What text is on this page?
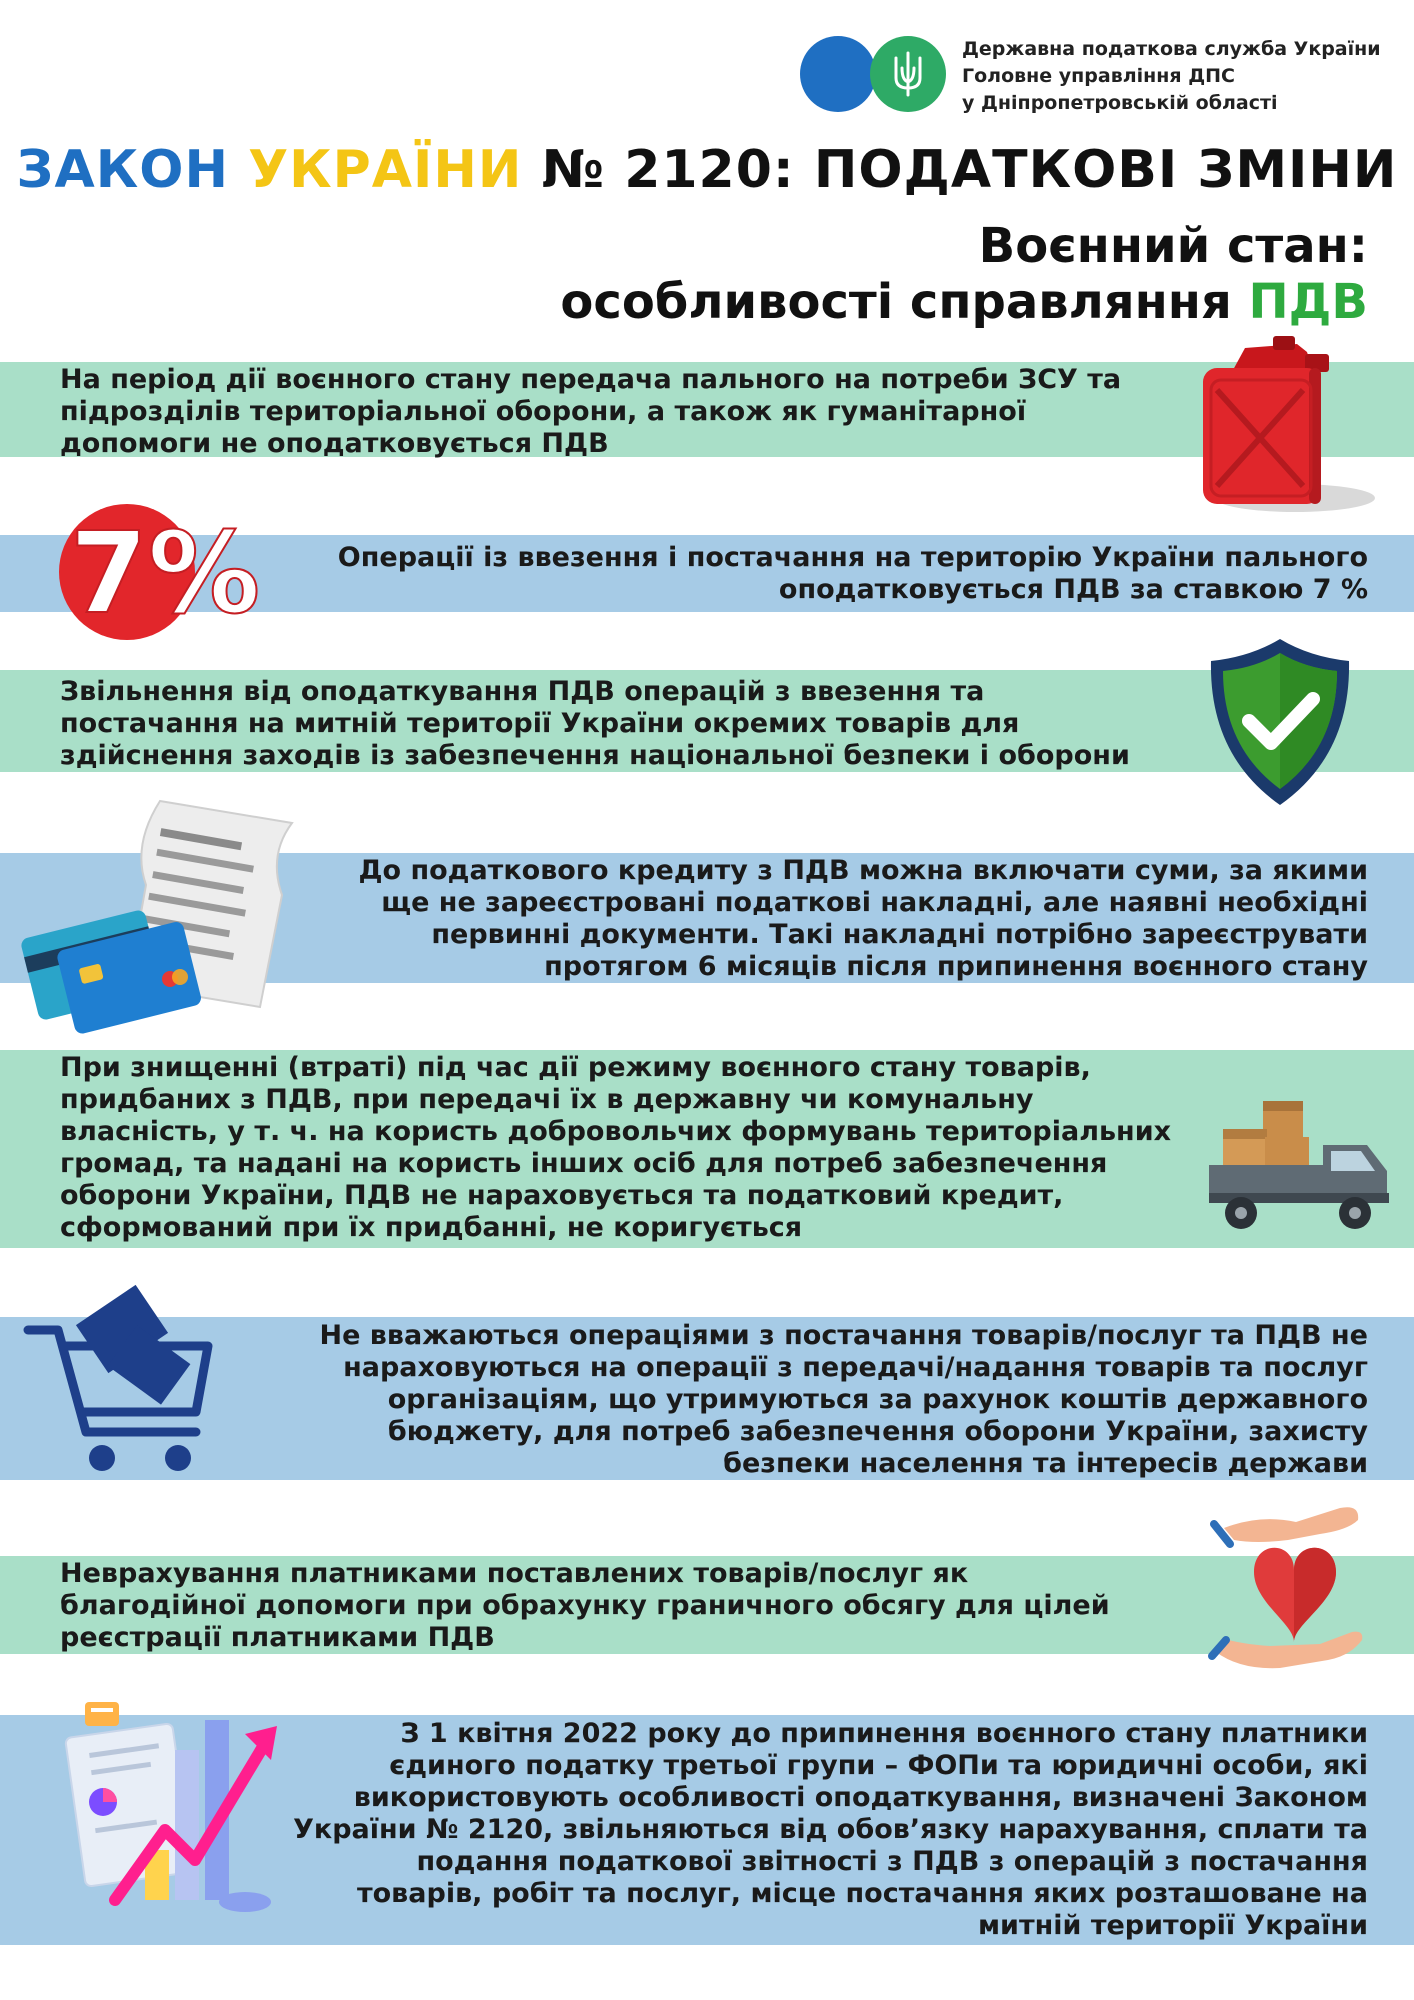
Державна податкова служба України
Головне управління ДПС
у Дніпропетровській області
ЗАКОН УКРАЇНИ № 2120: ПОДАТКОВІ ЗМІНИ
Воєнний стан:
особливості справляння ПДВ
На період дії воєнного стану передача пального на потреби ЗСУ та
підрозділів територіальної оборони, а також як гуманітарної
допомоги не оподатковується ПДВ
Операції із ввезення і постачання на територію України пального
оподатковується ПДВ за ставкою 7 %
Звільнення від оподаткування ПДВ операцій з ввезення та
постачання на митній території України окремих товарів для
здійснення заходів із забезпечення національної безпеки і оборони
До податкового кредиту з ПДВ можна включати суми, за якими
ще не зареєстровані податкові накладні, але наявні необхідні
первинні документи. Такі накладні потрібно зареєструвати
протягом 6 місяців після припинення воєнного стану
При знищенні (втраті) під час дії режиму воєнного стану товарів,
придбаних з ПДВ, при передачі їх в державну чи комунальну
власність, у т. ч. на користь добровольчих формувань територіальних
громад, та надані на користь інших осіб для потреб забезпечення
оборони України, ПДВ не нараховується та податковий кредит,
сформований при їх придбанні, не коригується
Не вважаються операціями з постачання товарів/послуг та ПДВ не
нараховуються на операції з передачі/надання товарів та послуг
організаціям, що утримуються за рахунок коштів державного
бюджету, для потреб забезпечення оборони України, захисту
безпеки населення та інтересів держави
Неврахування платниками поставлених товарів/послуг як
благодійної допомоги при обрахунку граничного обсягу для цілей
реєстрації платниками ПДВ
З 1 квітня 2022 року до припинення воєнного стану платники
єдиного податку третьої групи – ФОПи та юридичні особи, які
використовують особливості оподаткування, визначені Законом
України № 2120, звільняються від обов’язку нарахування, сплати та
подання податкової звітності з ПДВ з операцій з постачання
товарів, робіт та послуг, місце постачання яких розташоване на
митній території України
7%
